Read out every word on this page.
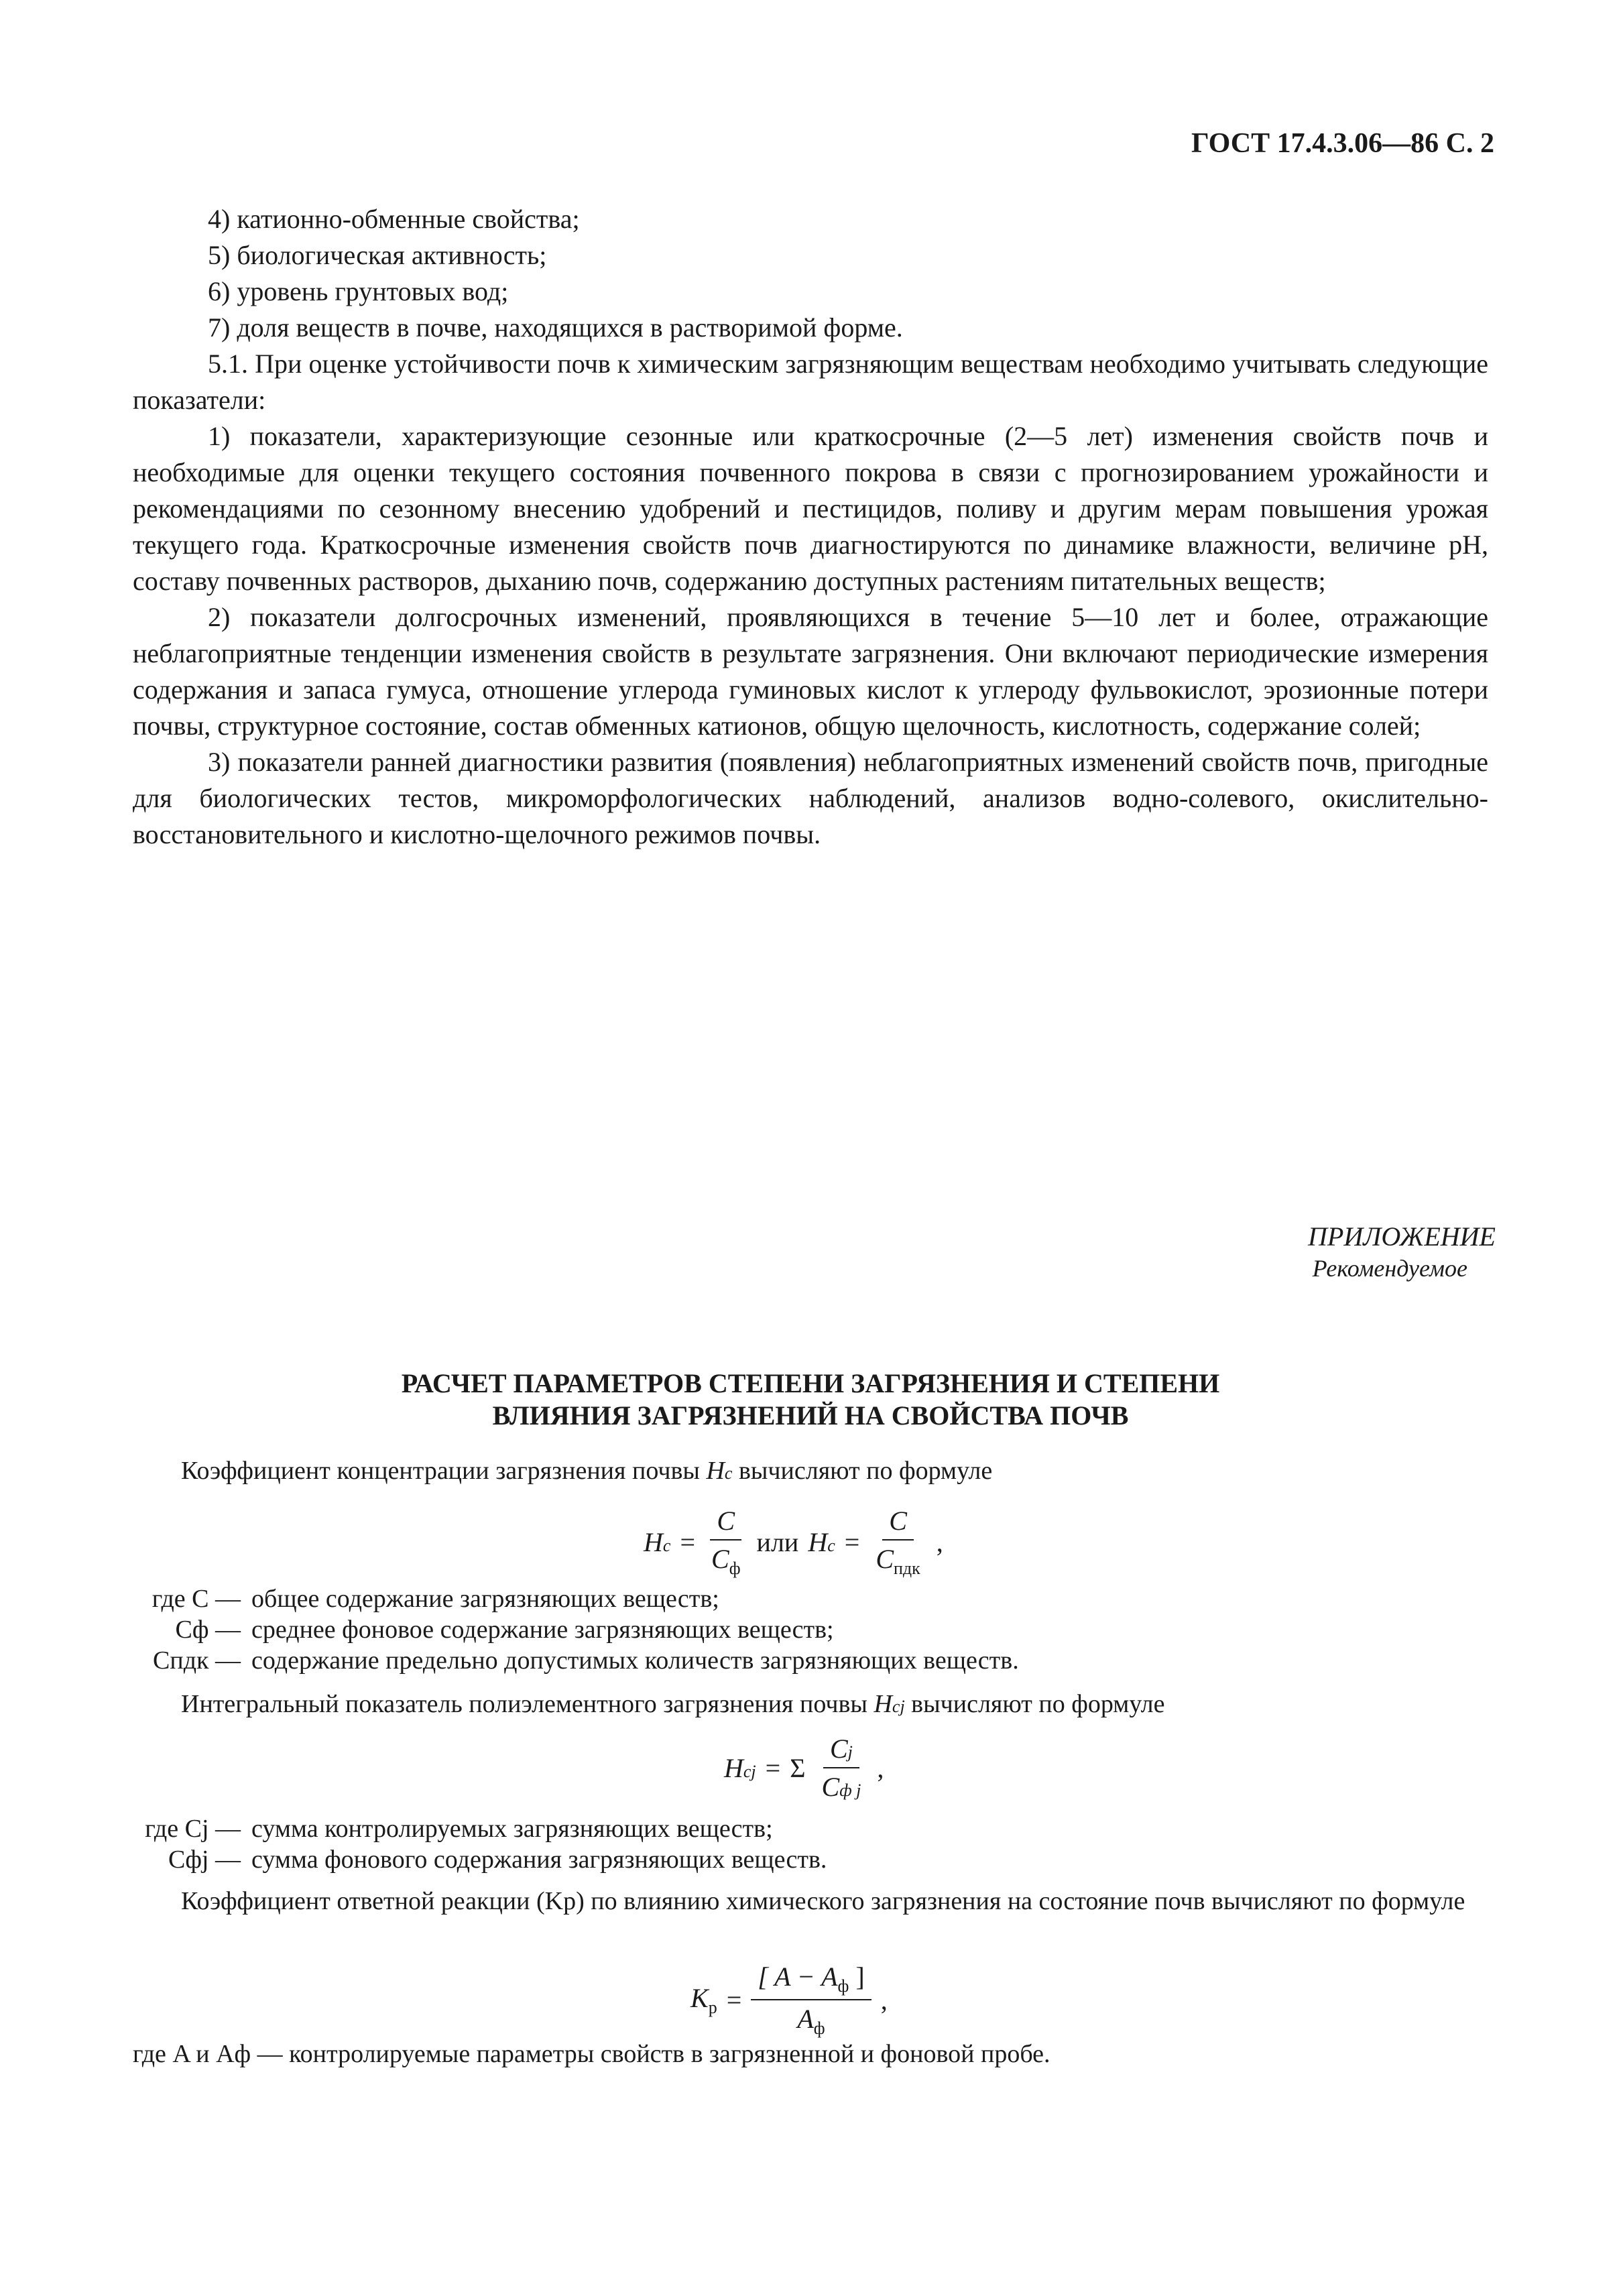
ГОСТ 17.4.3.06—86 С. 2

4) катионно-обменные свойства;

5) биологическая активность;

6) уровень грунтовых вод;

7) доля веществ в почве, находящихся в растворимой форме.

5.1. При оценке устойчивости почв к химическим загрязняющим веществам необходимо учитывать следующие показатели:

1) показатели, характеризующие сезонные или краткосрочные (2—5 лет) изменения свойств почв и необходимые для оценки текущего состояния почвенного покрова в связи с прогнозированием урожайности и рекомендациями по сезонному внесению удобрений и пестицидов, поливу и другим мерам повышения урожая текущего года. Краткосрочные изменения свойств почв диагностируются по динамике влажности, величине рН, составу почвенных растворов, дыханию почв, содержанию доступных растениям питательных веществ;

2) показатели долгосрочных изменений, проявляющихся в течение 5—10 лет и более, отражающие неблагоприятные тенденции изменения свойств в результате загрязнения. Они включают периодические измерения содержания и запаса гумуса, отношение углерода гуминовых кислот к углероду фульвокислот, эрозионные потери почвы, структурное состояние, состав обменных катионов, общую щелочность, кислотность, содержание солей;

3) показатели ранней диагностики развития (появления) неблагоприятных изменений свойств почв, пригодные для биологических тестов, микроморфологических наблюдений, анализов водно-солевого, окислительно-восстановительного и кислотно-щелочного режимов почвы.

ПРИЛОЖЕНИЕ
Рекомендуемое
РАСЧЕТ ПАРАМЕТРОВ СТЕПЕНИ ЗАГРЯЗНЕНИЯ И СТЕПЕНИ
ВЛИЯНИЯ ЗАГРЯЗНЕНИЙ НА СВОЙСТВА ПОЧВ
Коэффициент концентрации загрязнения почвы Hc вычисляют по формуле
$Hc = \frac{C}{C_ф}$ или $Hc = \frac{C}{C_{пдк}}$ ,
где C — общее содержание загрязняющих веществ;
Cф — среднее фоновое содержание загрязняющих веществ;
Cпдк — содержание предельно допустимых количеств загрязняющих веществ.
Интегральный показатель полиэлементного загрязнения почвы Hcj вычисляют по формуле
Hcj = Σ $\frac{Cj}{\text{Cф j}}$ ,
где Cj — сумма контролируемых загрязняющих веществ;
Cфj — сумма фонового содержания загрязняющих веществ.
Коэффициент ответной реакции (Kр) по влиянию химического загрязнения на состояние почв вычисляют по формуле
$K_р = \frac{[ A - A_ф ]}{A_ф}$ ,
где A и Aф — контролируемые параметры свойств в загрязненной и фоновой пробе.
